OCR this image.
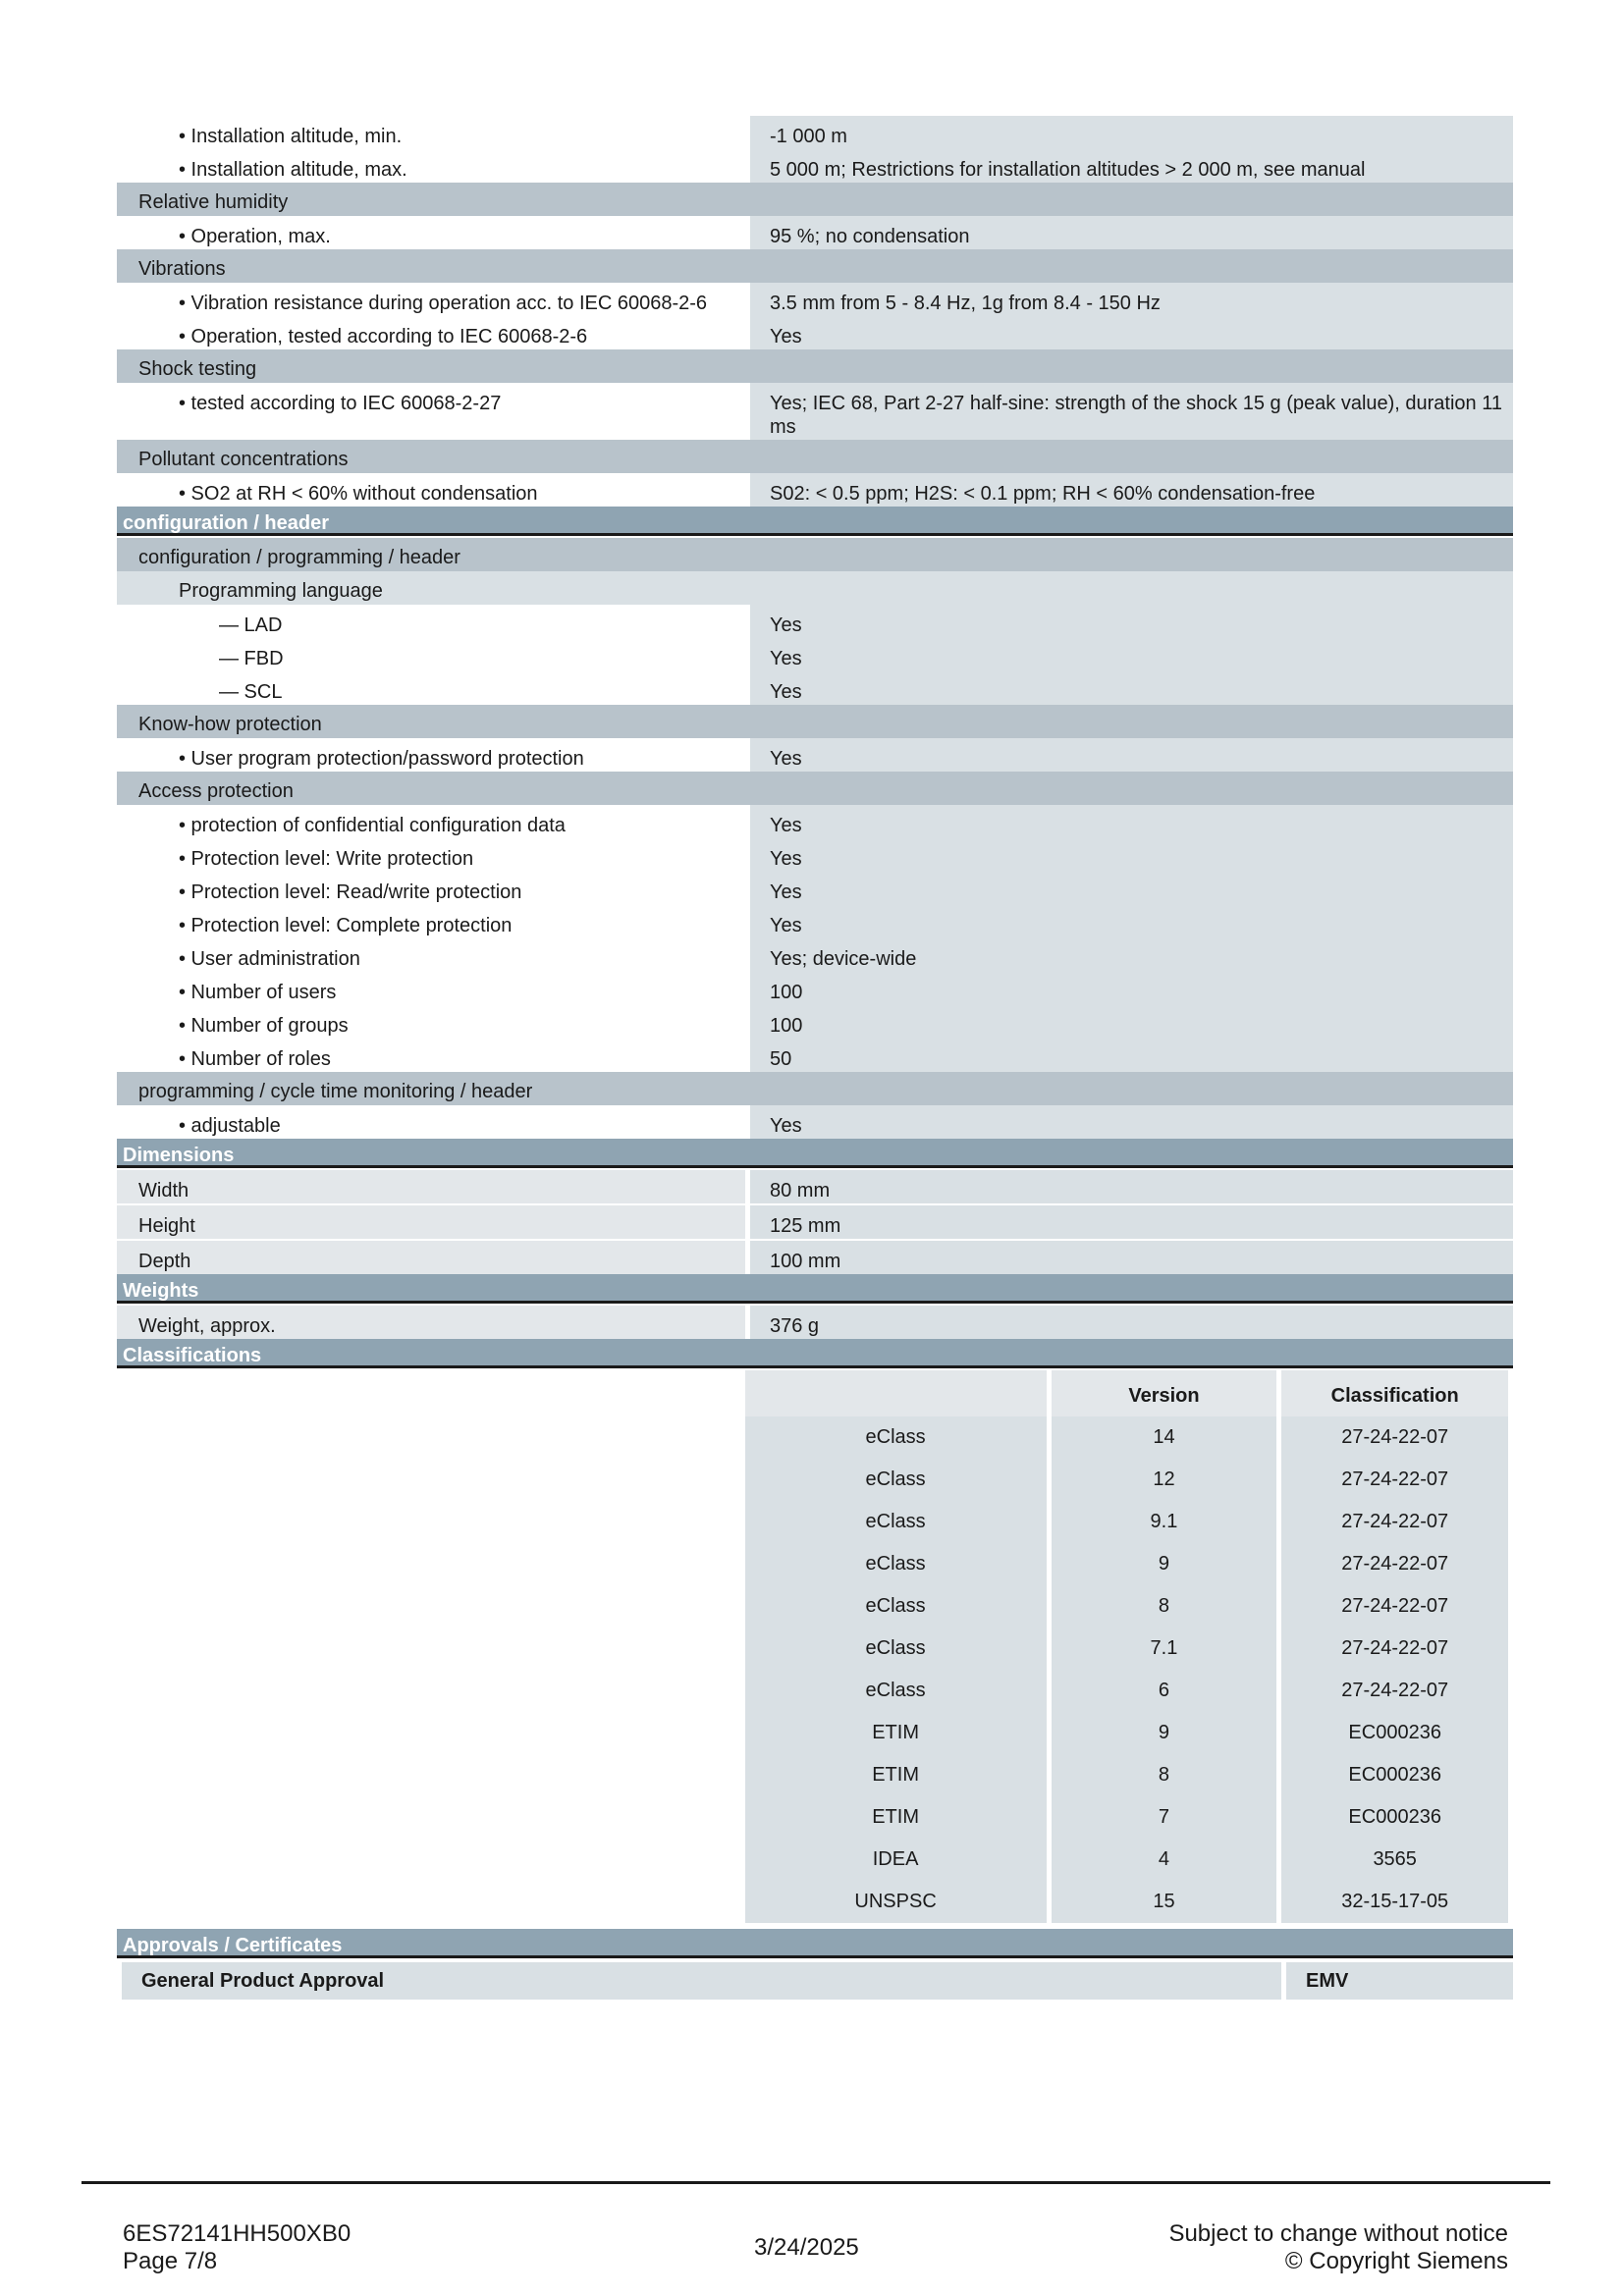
• Installation altitude, min.	-1 000 m
• Installation altitude, max.	5 000 m; Restrictions for installation altitudes > 2 000 m, see manual
Relative humidity
• Operation, max.	95 %; no condensation
Vibrations
• Vibration resistance during operation acc. to IEC 60068-2-6	3.5 mm from 5 - 8.4 Hz, 1g from 8.4 - 150 Hz
• Operation, tested according to IEC 60068-2-6	Yes
Shock testing
• tested according to IEC 60068-2-27	Yes; IEC 68, Part 2-27 half-sine: strength of the shock 15 g (peak value), duration 11 ms
Pollutant concentrations
• SO2 at RH < 60% without condensation	S02: < 0.5 ppm; H2S: < 0.1 ppm; RH < 60% condensation-free
configuration / header
configuration / programming / header
Programming language
— LAD	Yes
— FBD	Yes
— SCL	Yes
Know-how protection
• User program protection/password protection	Yes
Access protection
• protection of confidential configuration data	Yes
• Protection level: Write protection	Yes
• Protection level: Read/write protection	Yes
• Protection level: Complete protection	Yes
• User administration	Yes; device-wide
• Number of users	100
• Number of groups	100
• Number of roles	50
programming / cycle time monitoring / header
• adjustable	Yes
Dimensions
Width	80 mm
Height	125 mm
Depth	100 mm
Weights
Weight, approx.	376 g
Classifications
	Version	Classification
eClass	14	27-24-22-07
eClass	12	27-24-22-07
eClass	9.1	27-24-22-07
eClass	9	27-24-22-07
eClass	8	27-24-22-07
eClass	7.1	27-24-22-07
eClass	6	27-24-22-07
ETIM	9	EC000236
ETIM	8	EC000236
ETIM	7	EC000236
IDEA	4	3565
UNSPSC	15	32-15-17-05
Approvals / Certificates
General Product Approval	EMV
6ES72141HH500XB0
Page 7/8
3/24/2025
Subject to change without notice
© Copyright Siemens
